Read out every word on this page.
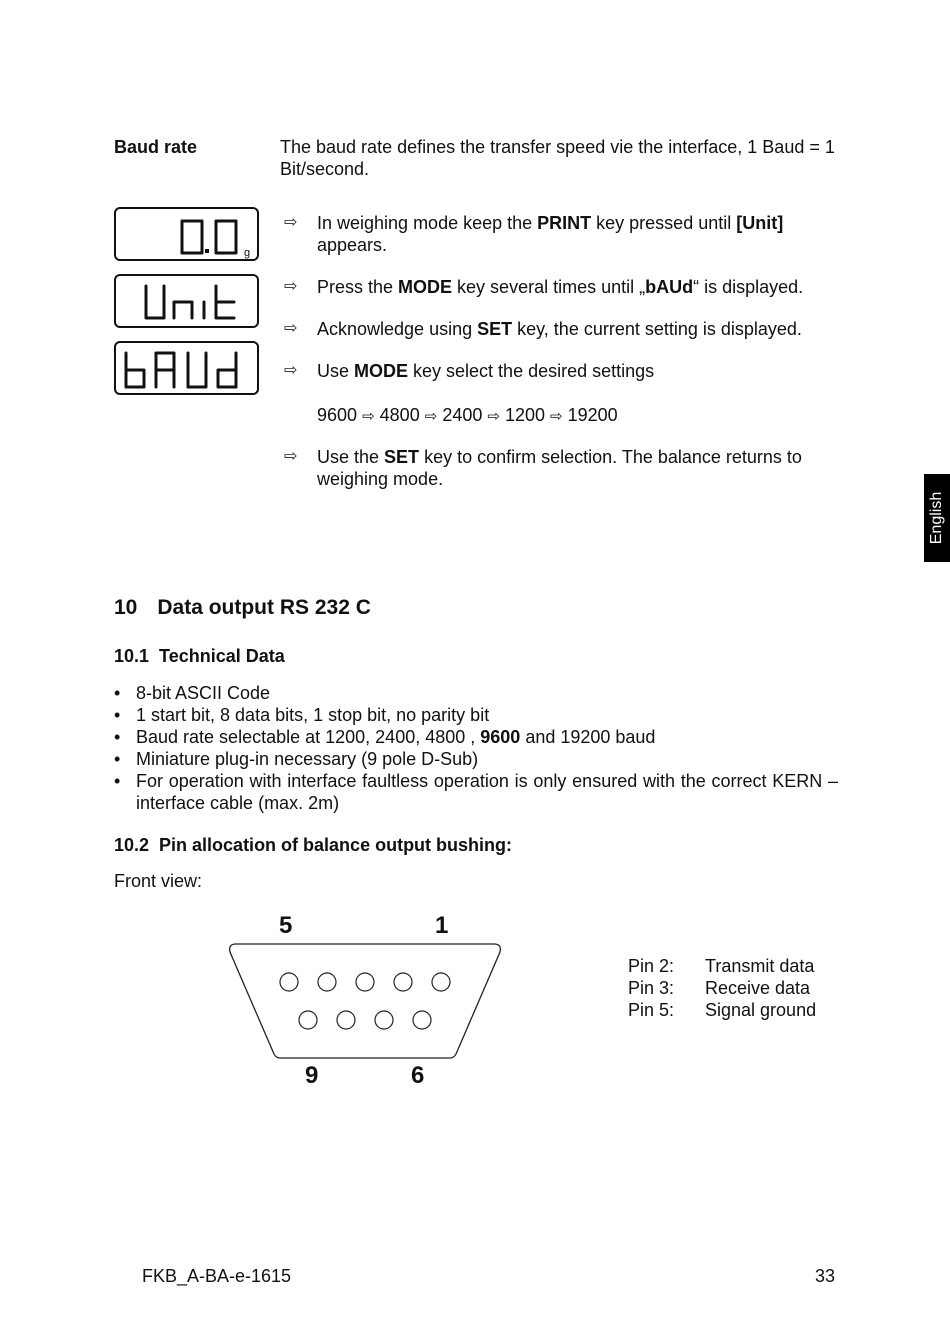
Baud rate	The baud rate defines the transfer speed vie the interface, 1 Baud = 1 Bit/second.
g
⇨ In weighing mode keep the PRINT key pressed until [Unit] appears.
⇨ Press the MODE key several times until „bAUd“ is displayed.
⇨ Acknowledge using SET key, the current setting is displayed.
⇨ Use MODE key select the desired settings
9600 ⇨ 4800 ⇨ 2400 ⇨ 1200 ⇨ 19200
⇨ Use the SET key to confirm selection. The balance returns to weighing mode.
English
10 Data output RS 232 C
10.1  Technical Data
• 8-bit ASCII Code
• 1 start bit, 8 data bits, 1 stop bit, no parity bit
• Baud rate selectable at 1200, 2400, 4800 , 9600 and 19200 baud
• Miniature plug-in necessary (9 pole D-Sub)
• For operation with interface faultless operation is only ensured with the correct KERN – interface cable (max. 2m)
10.2  Pin allocation of balance output bushing:
Front view:
5	1
9	6
Pin 2: Transmit data
Pin 3: Receive data
Pin 5: Signal ground
FKB_A-BA-e-1615	33
